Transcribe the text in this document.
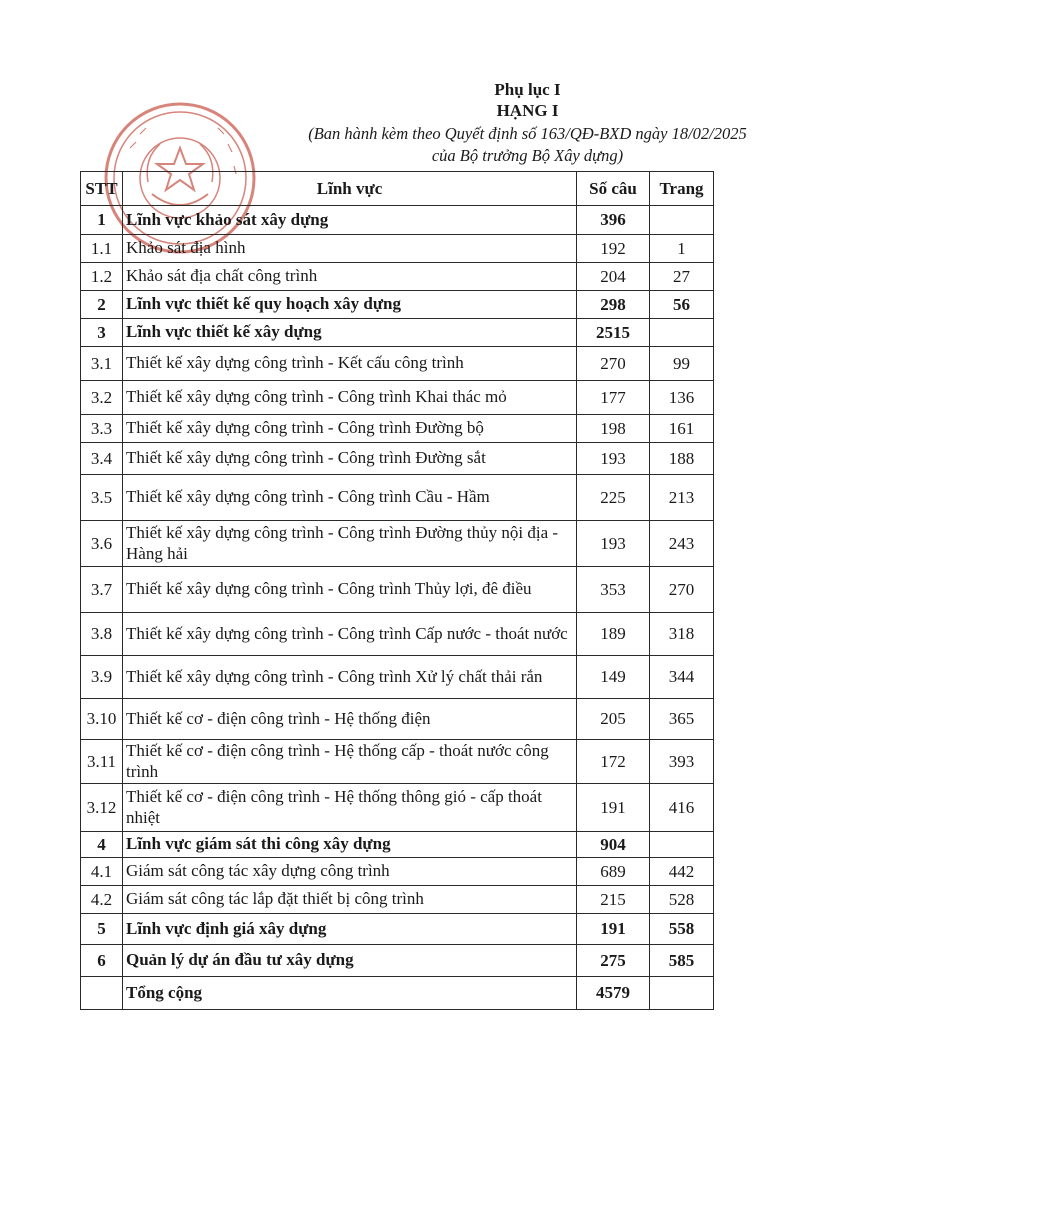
Phụ lục I
HẠNG I
(Ban hành kèm theo Quyết định số 163/QĐ-BXD ngày 18/02/2025
của Bộ trưởng Bộ Xây dựng)
STT	Lĩnh vực	Số câu	Trang
1	Lĩnh vực khảo sát xây dựng	396	
1.1	Khảo sát địa hình	192	1
1.2	Khảo sát địa chất công trình	204	27
2	Lĩnh vực thiết kế quy hoạch xây dựng	298	56
3	Lĩnh vực thiết kế xây dựng	2515	
3.1	Thiết kế xây dựng công trình - Kết cấu công trình	270	99
3.2	Thiết kế xây dựng công trình - Công trình Khai thác mỏ	177	136
3.3	Thiết kế xây dựng công trình - Công trình Đường bộ	198	161
3.4	Thiết kế xây dựng công trình - Công trình Đường sắt	193	188
3.5	Thiết kế xây dựng công trình - Công trình Cầu - Hầm	225	213
3.6	Thiết kế xây dựng công trình - Công trình Đường thủy nội địa - Hàng hải	193	243
3.7	Thiết kế xây dựng công trình - Công trình Thủy lợi, đê điều	353	270
3.8	Thiết kế xây dựng công trình - Công trình Cấp nước - thoát nước	189	318
3.9	Thiết kế xây dựng công trình - Công trình Xử lý chất thải rắn	149	344
3.10	Thiết kế cơ - điện công trình - Hệ thống điện	205	365
3.11	Thiết kế cơ - điện công trình - Hệ thống cấp - thoát nước công trình	172	393
3.12	Thiết kế cơ - điện công trình - Hệ thống thông gió - cấp thoát nhiệt	191	416
4	Lĩnh vực giám sát thi công xây dựng	904	
4.1	Giám sát công tác xây dựng công trình	689	442
4.2	Giám sát công tác lắp đặt thiết bị công trình	215	528
5	Lĩnh vực định giá xây dựng	191	558
6	Quản lý dự án đầu tư xây dựng	275	585
	Tổng cộng	4579	
